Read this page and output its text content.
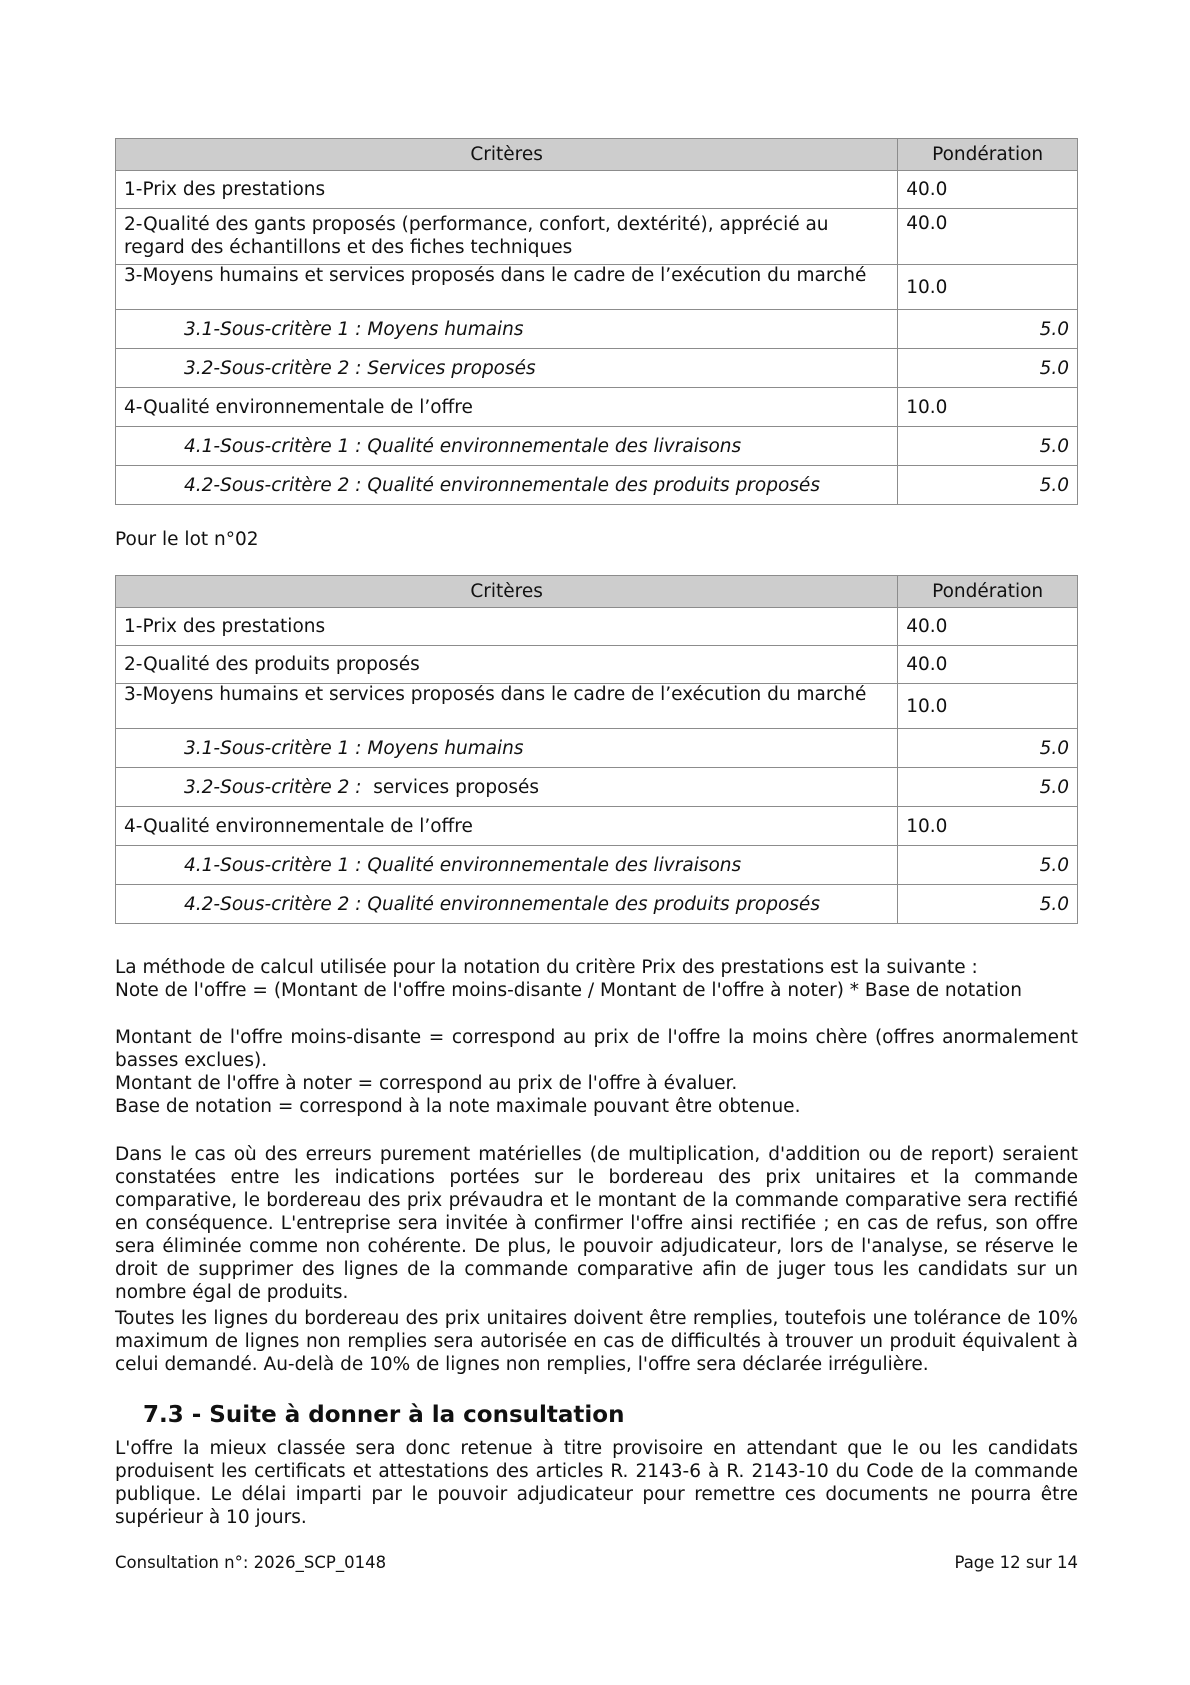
Critères	Pondération
1-Prix des prestations	40.0
2-Qualité des gants proposés (performance, confort, dextérité), apprécié au regard des échantillons et des fiches techniques	40.0
3-Moyens humains et services proposés dans le cadre de l’exécution du marché	10.0
3.1-Sous-critère 1 : Moyens humains	5.0
3.2-Sous-critère 2 : Services proposés	5.0
4-Qualité environnementale de l’offre	10.0
4.1-Sous-critère 1 : Qualité environnementale des livraisons	5.0
4.2-Sous-critère 2 : Qualité environnementale des produits proposés	5.0
Pour le lot n°02
Critères	Pondération
1-Prix des prestations	40.0
2-Qualité des produits proposés	40.0
3-Moyens humains et services proposés dans le cadre de l’exécution du marché	10.0
3.1-Sous-critère 1 : Moyens humains	5.0
3.2-Sous-critère 2 : services proposés	5.0
4-Qualité environnementale de l’offre	10.0
4.1-Sous-critère 1 : Qualité environnementale des livraisons	5.0
4.2-Sous-critère 2 : Qualité environnementale des produits proposés	5.0
La méthode de calcul utilisée pour la notation du critère Prix des prestations est la suivante :
Note de l'offre = (Montant de l'offre moins-disante / Montant de l'offre à noter) * Base de notation

Montant de l'offre moins-disante = correspond au prix de l'offre la moins chère (offres anormalement basses exclues).

Montant de l'offre à noter = correspond au prix de l'offre à évaluer.

Base de notation = correspond à la note maximale pouvant être obtenue.

Dans le cas où des erreurs purement matérielles (de multiplication, d'addition ou de report) seraient constatées entre les indications portées sur le bordereau des prix unitaires et la commande comparative, le bordereau des prix prévaudra et le montant de la commande comparative sera rectifié en conséquence. L'entreprise sera invitée à confirmer l'offre ainsi rectifiée ; en cas de refus, son offre sera éliminée comme non cohérente. De plus, le pouvoir adjudicateur, lors de l'analyse, se réserve le droit de supprimer des lignes de la commande comparative afin de juger tous les candidats sur un nombre égal de produits.
Toutes les lignes du bordereau des prix unitaires doivent être remplies, toutefois une tolérance de 10% maximum de lignes non remplies sera autorisée en cas de difficultés à trouver un produit équivalent à celui demandé. Au-delà de 10% de lignes non remplies, l'offre sera déclarée irrégulière.
7.3 - Suite à donner à la consultation
L'offre la mieux classée sera donc retenue à titre provisoire en attendant que le ou les candidats produisent les certificats et attestations des articles R. 2143-6 à R. 2143-10 du Code de la commande publique. Le délai imparti par le pouvoir adjudicateur pour remettre ces documents ne pourra être supérieur à 10 jours.
Consultation n°: 2026_SCP_0148	Page 12 sur 14
